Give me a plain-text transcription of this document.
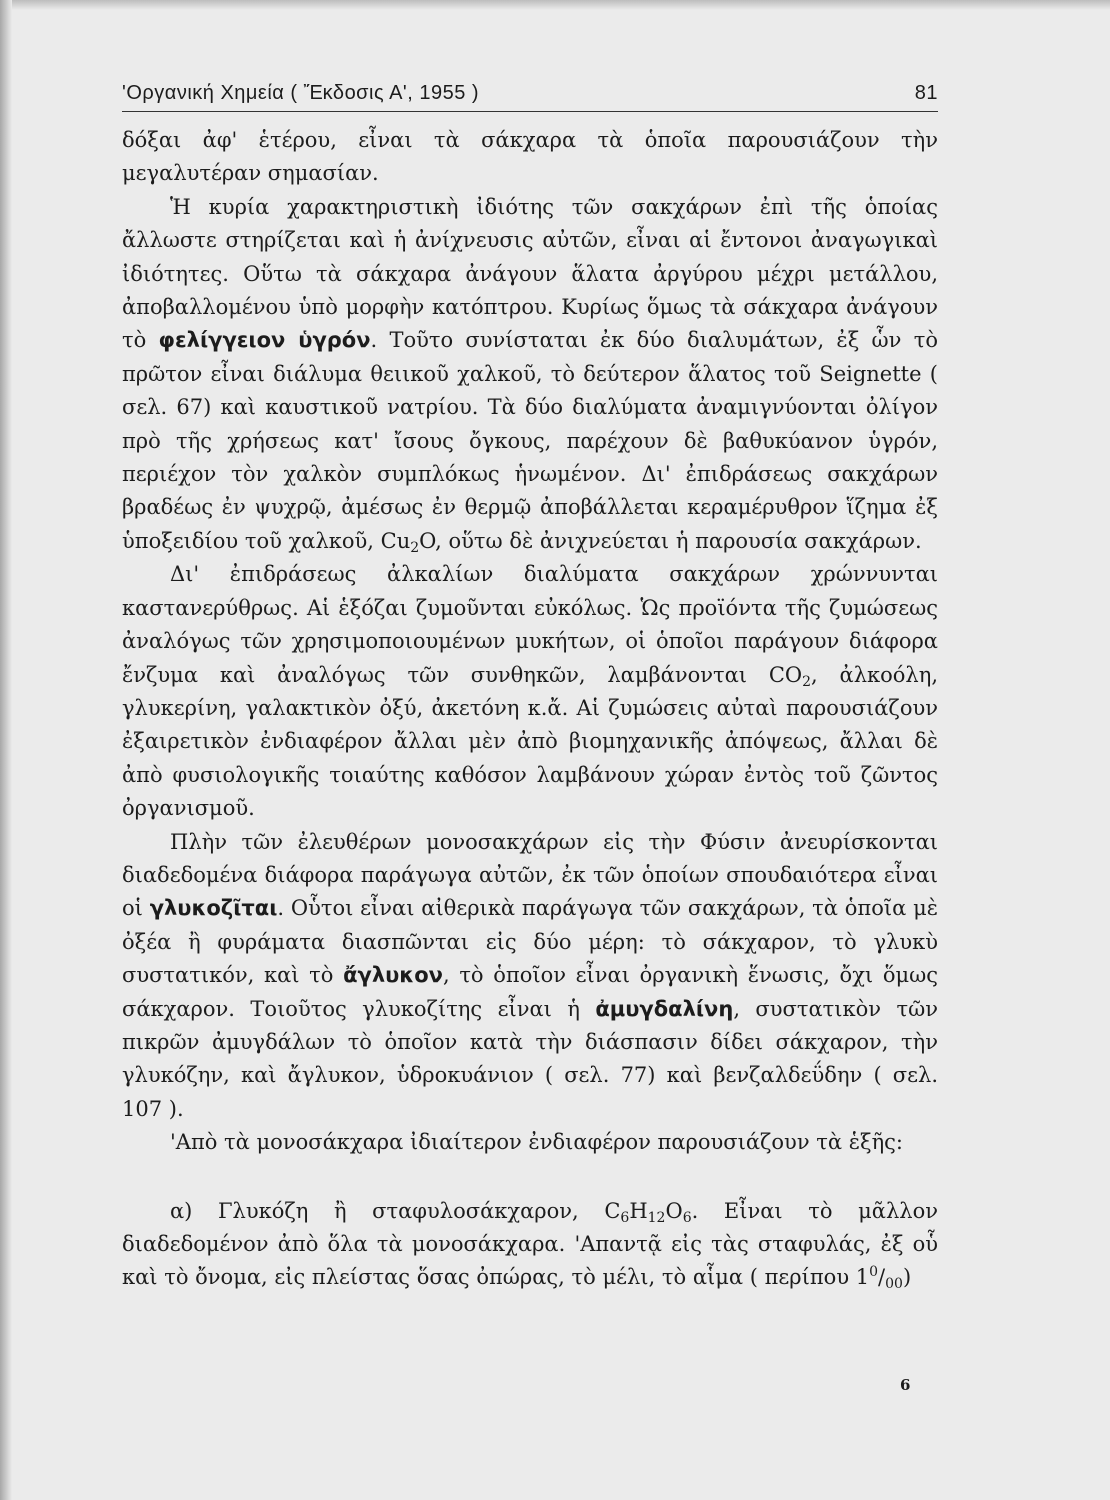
'Οργανική Χημεία ( Ἔκδοσις Α', 1955 )	81

δόξαι ἀφ' ἑτέρου, εἶναι τὰ σάκχαρα τὰ ὁποῖα παρουσιάζουν τὴν μεγαλυτέραν σημασίαν.

Ἡ κυρία χαρακτηριστικὴ ἰδιότης τῶν σακχάρων ἐπὶ τῆς ὁποίας ἄλλωστε στηρίζεται καὶ ἡ ἀνίχνευσις αὐτῶν, εἶναι αἱ ἔντονοι ἀναγωγικαὶ ἰδιότητες. Οὕτω τὰ σάκχαρα ἀνάγουν ἅλατα ἀργύρου μέχρι μετάλλου, ἀποβαλλομένου ὑπὸ μορφὴν κατόπτρου. Κυρίως ὅμως τὰ σάκχαρα ἀνάγουν τὸ φελίγγειον ὑγρόν. Τοῦτο συνίσταται ἐκ δύο διαλυμάτων, ἐξ ὧν τὸ πρῶτον εἶναι διάλυμα θειικοῦ χαλκοῦ, τὸ δεύτερον ἅλατος τοῦ Seignette ( σελ. 67) καὶ καυστικοῦ νατρίου. Τὰ δύο διαλύματα ἀναμιγνύονται ὀλίγον πρὸ τῆς χρήσεως κατ' ἴσους ὄγκους, παρέχουν δὲ βαθυκύανον ὑγρόν, περιέχον τὸν χαλκὸν συμπλόκως ἡνωμένον. Δι' ἐπιδράσεως σακχάρων βραδέως ἐν ψυχρῷ, ἀμέσως ἐν θερμῷ ἀποβάλλεται κεραμέρυθρον ἵζημα ἐξ ὑποξειδίου τοῦ χαλκοῦ, $Cu_2O$, οὕτω δὲ ἀνιχνεύεται ἡ παρουσία σακχάρων.

Δι' ἐπιδράσεως ἀλκαλίων διαλύματα σακχάρων χρώννυνται καστανερύθρως. Αἱ ἑξόζαι ζυμοῦνται εὐκόλως. Ὡς προϊόντα τῆς ζυμώσεως ἀναλόγως τῶν χρησιμοποιουμένων μυκήτων, οἱ ὁποῖοι παράγουν διάφορα ἔνζυμα καὶ ἀναλόγως τῶν συνθηκῶν, λαμβάνονται $CO_2$, ἀλκοόλη, γλυκερίνη, γαλακτικὸν ὀξύ, ἀκετόνη κ.ἄ. Αἱ ζυμώσεις αὐταὶ παρουσιάζουν ἐξαιρετικὸν ἐνδιαφέρον ἄλλαι μὲν ἀπὸ βιομηχανικῆς ἀπόψεως, ἄλλαι δὲ ἀπὸ φυσιολογικῆς τοιαύτης καθόσον λαμβάνουν χώραν ἐντὸς τοῦ ζῶντος ὀργανισμοῦ.

Πλὴν τῶν ἐλευθέρων μονοσακχάρων εἰς τὴν Φύσιν ἀνευρίσκονται διαδεδομένα διάφορα παράγωγα αὐτῶν, ἐκ τῶν ὁποίων σπουδαιότερα εἶναι οἱ γλυκοζῖται. Οὗτοι εἶναι αἰθερικὰ παράγωγα τῶν σακχάρων, τὰ ὁποῖα μὲ ὀξέα ἢ φυράματα διασπῶνται εἰς δύο μέρη: τὸ σάκχαρον, τὸ γλυκὺ συστατικόν, καὶ τὸ ἄγλυκον, τὸ ὁποῖον εἶναι ὀργανικὴ ἕνωσις, ὄχι ὅμως σάκχαρον. Τοιοῦτος γλυκοζίτης εἶναι ἡ ἀμυγδαλίνη, συστατικὸν τῶν πικρῶν ἀμυγδάλων τὸ ὁποῖον κατὰ τὴν διάσπασιν δίδει σάκχαρον, τὴν γλυκόζην, καὶ ἄγλυκον, ὑδροκυάνιον ( σελ. 77) καὶ βενζαλδεΰδην ( σελ. 107 ).

'Απὸ τὰ μονοσάκχαρα ἰδιαίτερον ἐνδιαφέρον παρουσιάζουν τὰ ἑξῆς:

α) Γλυκόζη ἢ σταφυλοσάκχαρον, $C_6H_{12}O_6$. Εἶναι τὸ μᾶλλον διαδεδομένον ἀπὸ ὅλα τὰ μονοσάκχαρα. 'Απαντᾷ εἰς τὰς σταφυλάς, ἐξ οὗ καὶ τὸ ὄνομα, εἰς πλείστας ὅσας ὀπώρας, τὸ μέλι, τὸ αἷμα ( περίπου $1^0/_{00}$)

6
